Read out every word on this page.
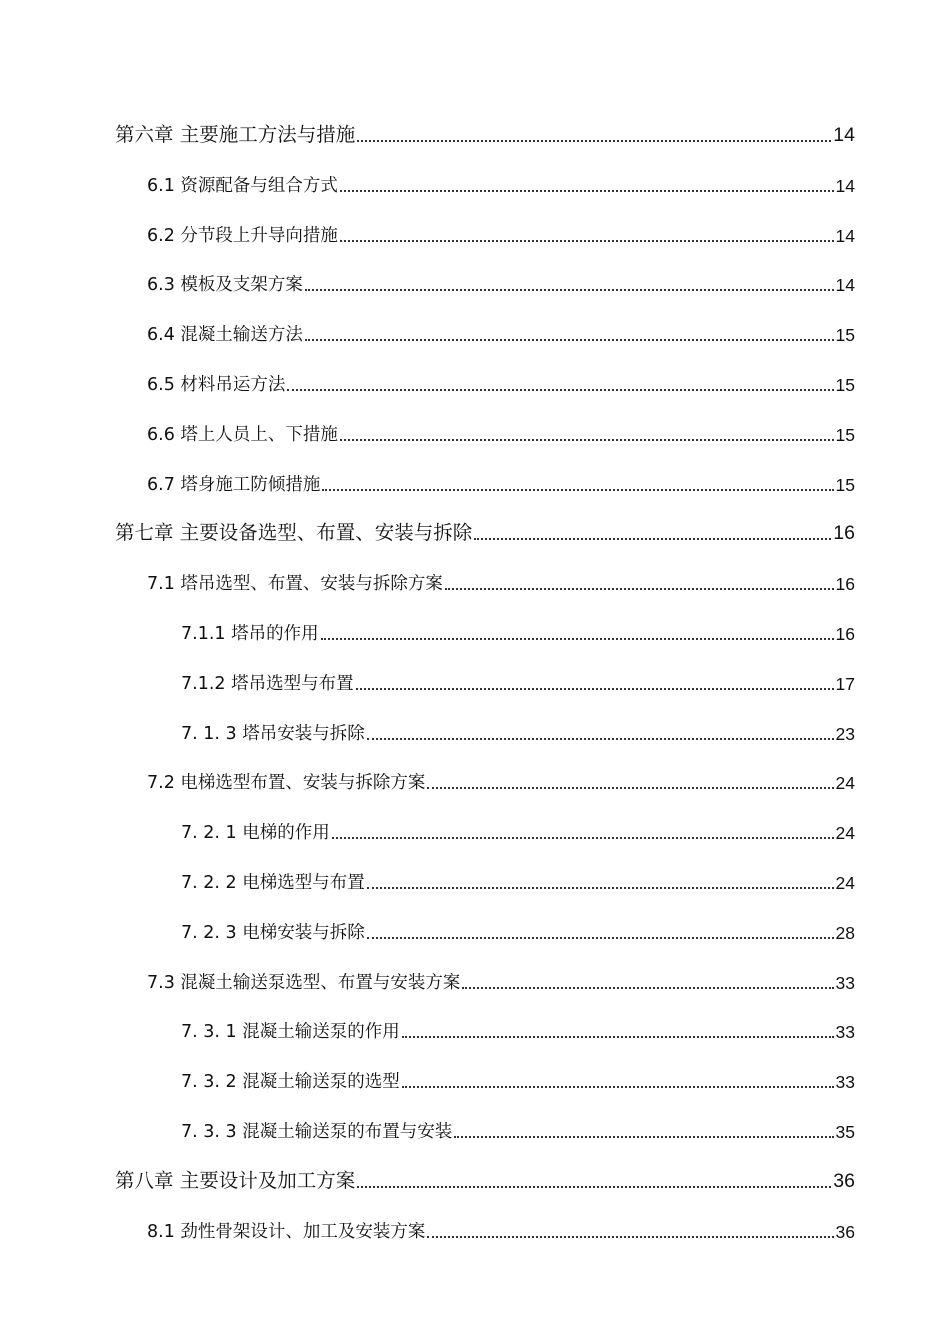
第六章 主要施工方法与措施	14
6.1 资源配备与组合方式	14
6.2 分节段上升导向措施	14
6.3 模板及支架方案	14
6.4 混凝土输送方法	15
6.5 材料吊运方法	15
6.6 塔上人员上、下措施	15
6.7 塔身施工防倾措施	15
第七章 主要设备选型、布置、安装与拆除	16
7.1 塔吊选型、布置、安装与拆除方案	16
7.1.1 塔吊的作用	16
7.1.2 塔吊选型与布置	17
7. 1. 3 塔吊安装与拆除	23
7.2 电梯选型布置、安装与拆除方案	24
7. 2. 1 电梯的作用	24
7. 2. 2 电梯选型与布置	24
7. 2. 3 电梯安装与拆除	28
7.3 混凝土输送泵选型、布置与安装方案	33
7. 3. 1 混凝土输送泵的作用	33
7. 3. 2 混凝土输送泵的选型	33
7. 3. 3 混凝土输送泵的布置与安装	35
第八章 主要设计及加工方案	36
8.1 劲性骨架设计、加工及安装方案	36
